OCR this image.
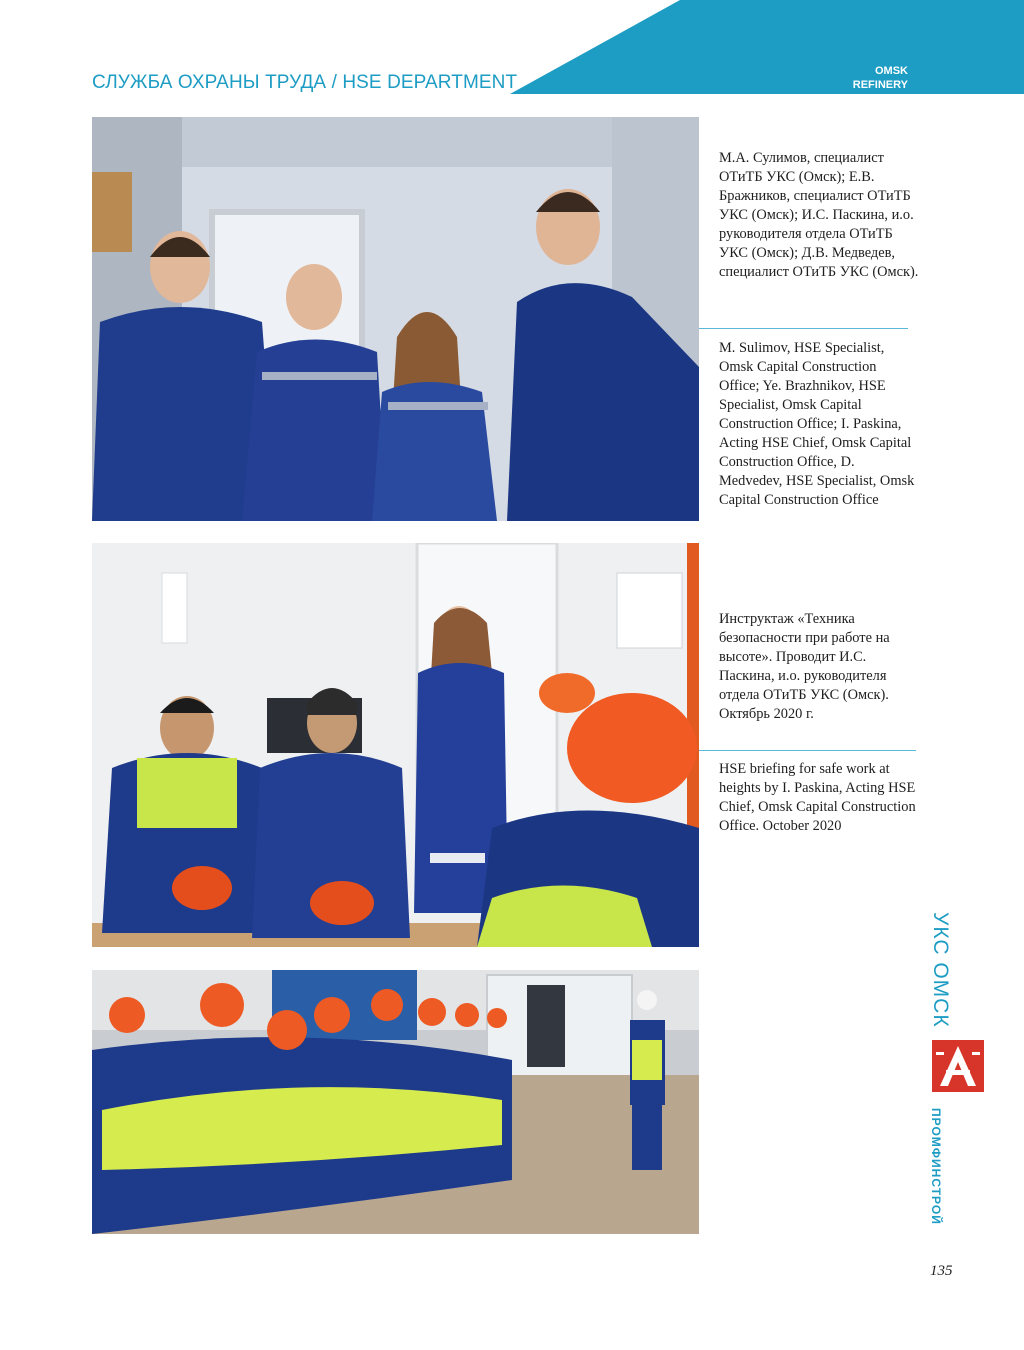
СЛУЖБА ОХРАНЫ ТРУДА / HSE DEPARTMENT
OMSK
REFINERY
М.А. Сулимов, специалист ОТиТБ УКС (Омск); Е.В. Бражников, специалист ОТиТБ УКС (Омск); И.С. Паскина, и.о. руководителя отдела ОТиТБ УКС (Омск); Д.В. Медведев, специалист ОТиТБ УКС (Омск).
M. Sulimov, HSE Specialist, Omsk Capital Construction Office; Ye. Brazhnikov, HSE Specialist, Omsk Capital Construction Office; I. Paskina, Acting HSE Chief, Omsk Capital Construction Office, D. Medvedev, HSE Specialist, Omsk Capital Construction Office
Инструктаж «Техника безопасности при работе на высоте». Проводит И.С. Паскина, и.о. руководителя отдела ОТиТБ УКС (Омск). Октябрь 2020 г.
HSE briefing for safe work at heights by I. Paskina, Acting HSE Chief, Omsk Capital Construction Office. October 2020
УКС ОМСК
ПРОМФИНСТРОЙ
135
